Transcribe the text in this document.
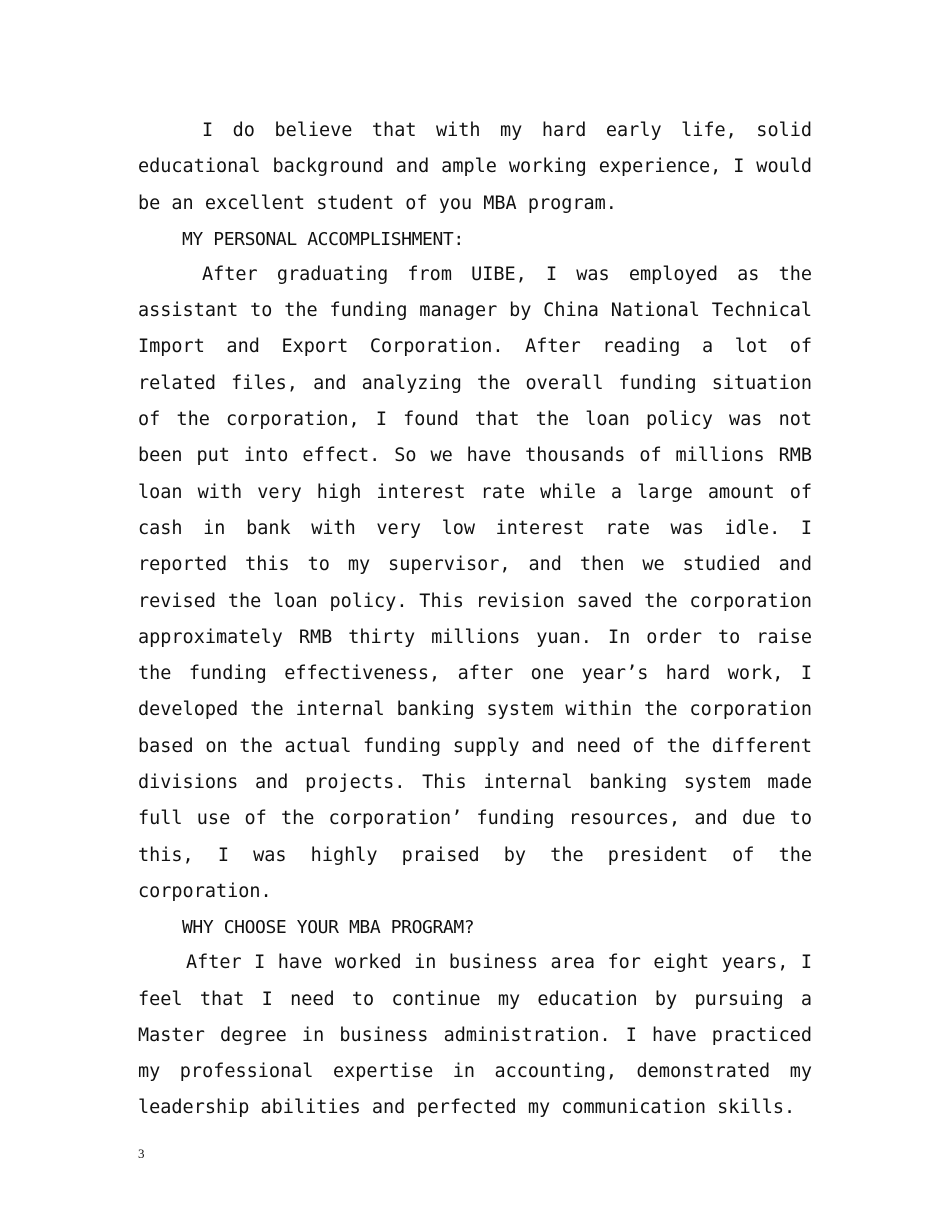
I do believe that with my hard early life, solid educational background and ample working experience, I would be an excellent student of you MBA program.

MY PERSONAL ACCOMPLISHMENT:

After graduating from UIBE, I was employed as the assistant to the funding manager by China National Technical Import and Export Corporation. After reading a lot of related files, and analyzing the overall funding situation of the corporation, I found that the loan policy was not been put into effect. So we have thousands of millions RMB loan with very high interest rate while a large amount of cash in bank with very low interest rate was idle. I reported this to my supervisor, and then we studied and revised the loan policy. This revision saved the corporation approximately RMB thirty millions yuan. In order to raise the funding effectiveness, after one year’s hard work, I developed the internal banking system within the corporation based on the actual funding supply and need of the different divisions and projects. This internal banking system made full use of the corporation’ funding resources, and due to this, I was highly praised by the president of the corporation.

WHY CHOOSE YOUR MBA PROGRAM?

After I have worked in business area for eight years, I feel that I need to continue my education by pursuing a Master degree in business administration. I have practiced my professional expertise in accounting, demonstrated my leadership abilities and perfected my communication skills.

3
